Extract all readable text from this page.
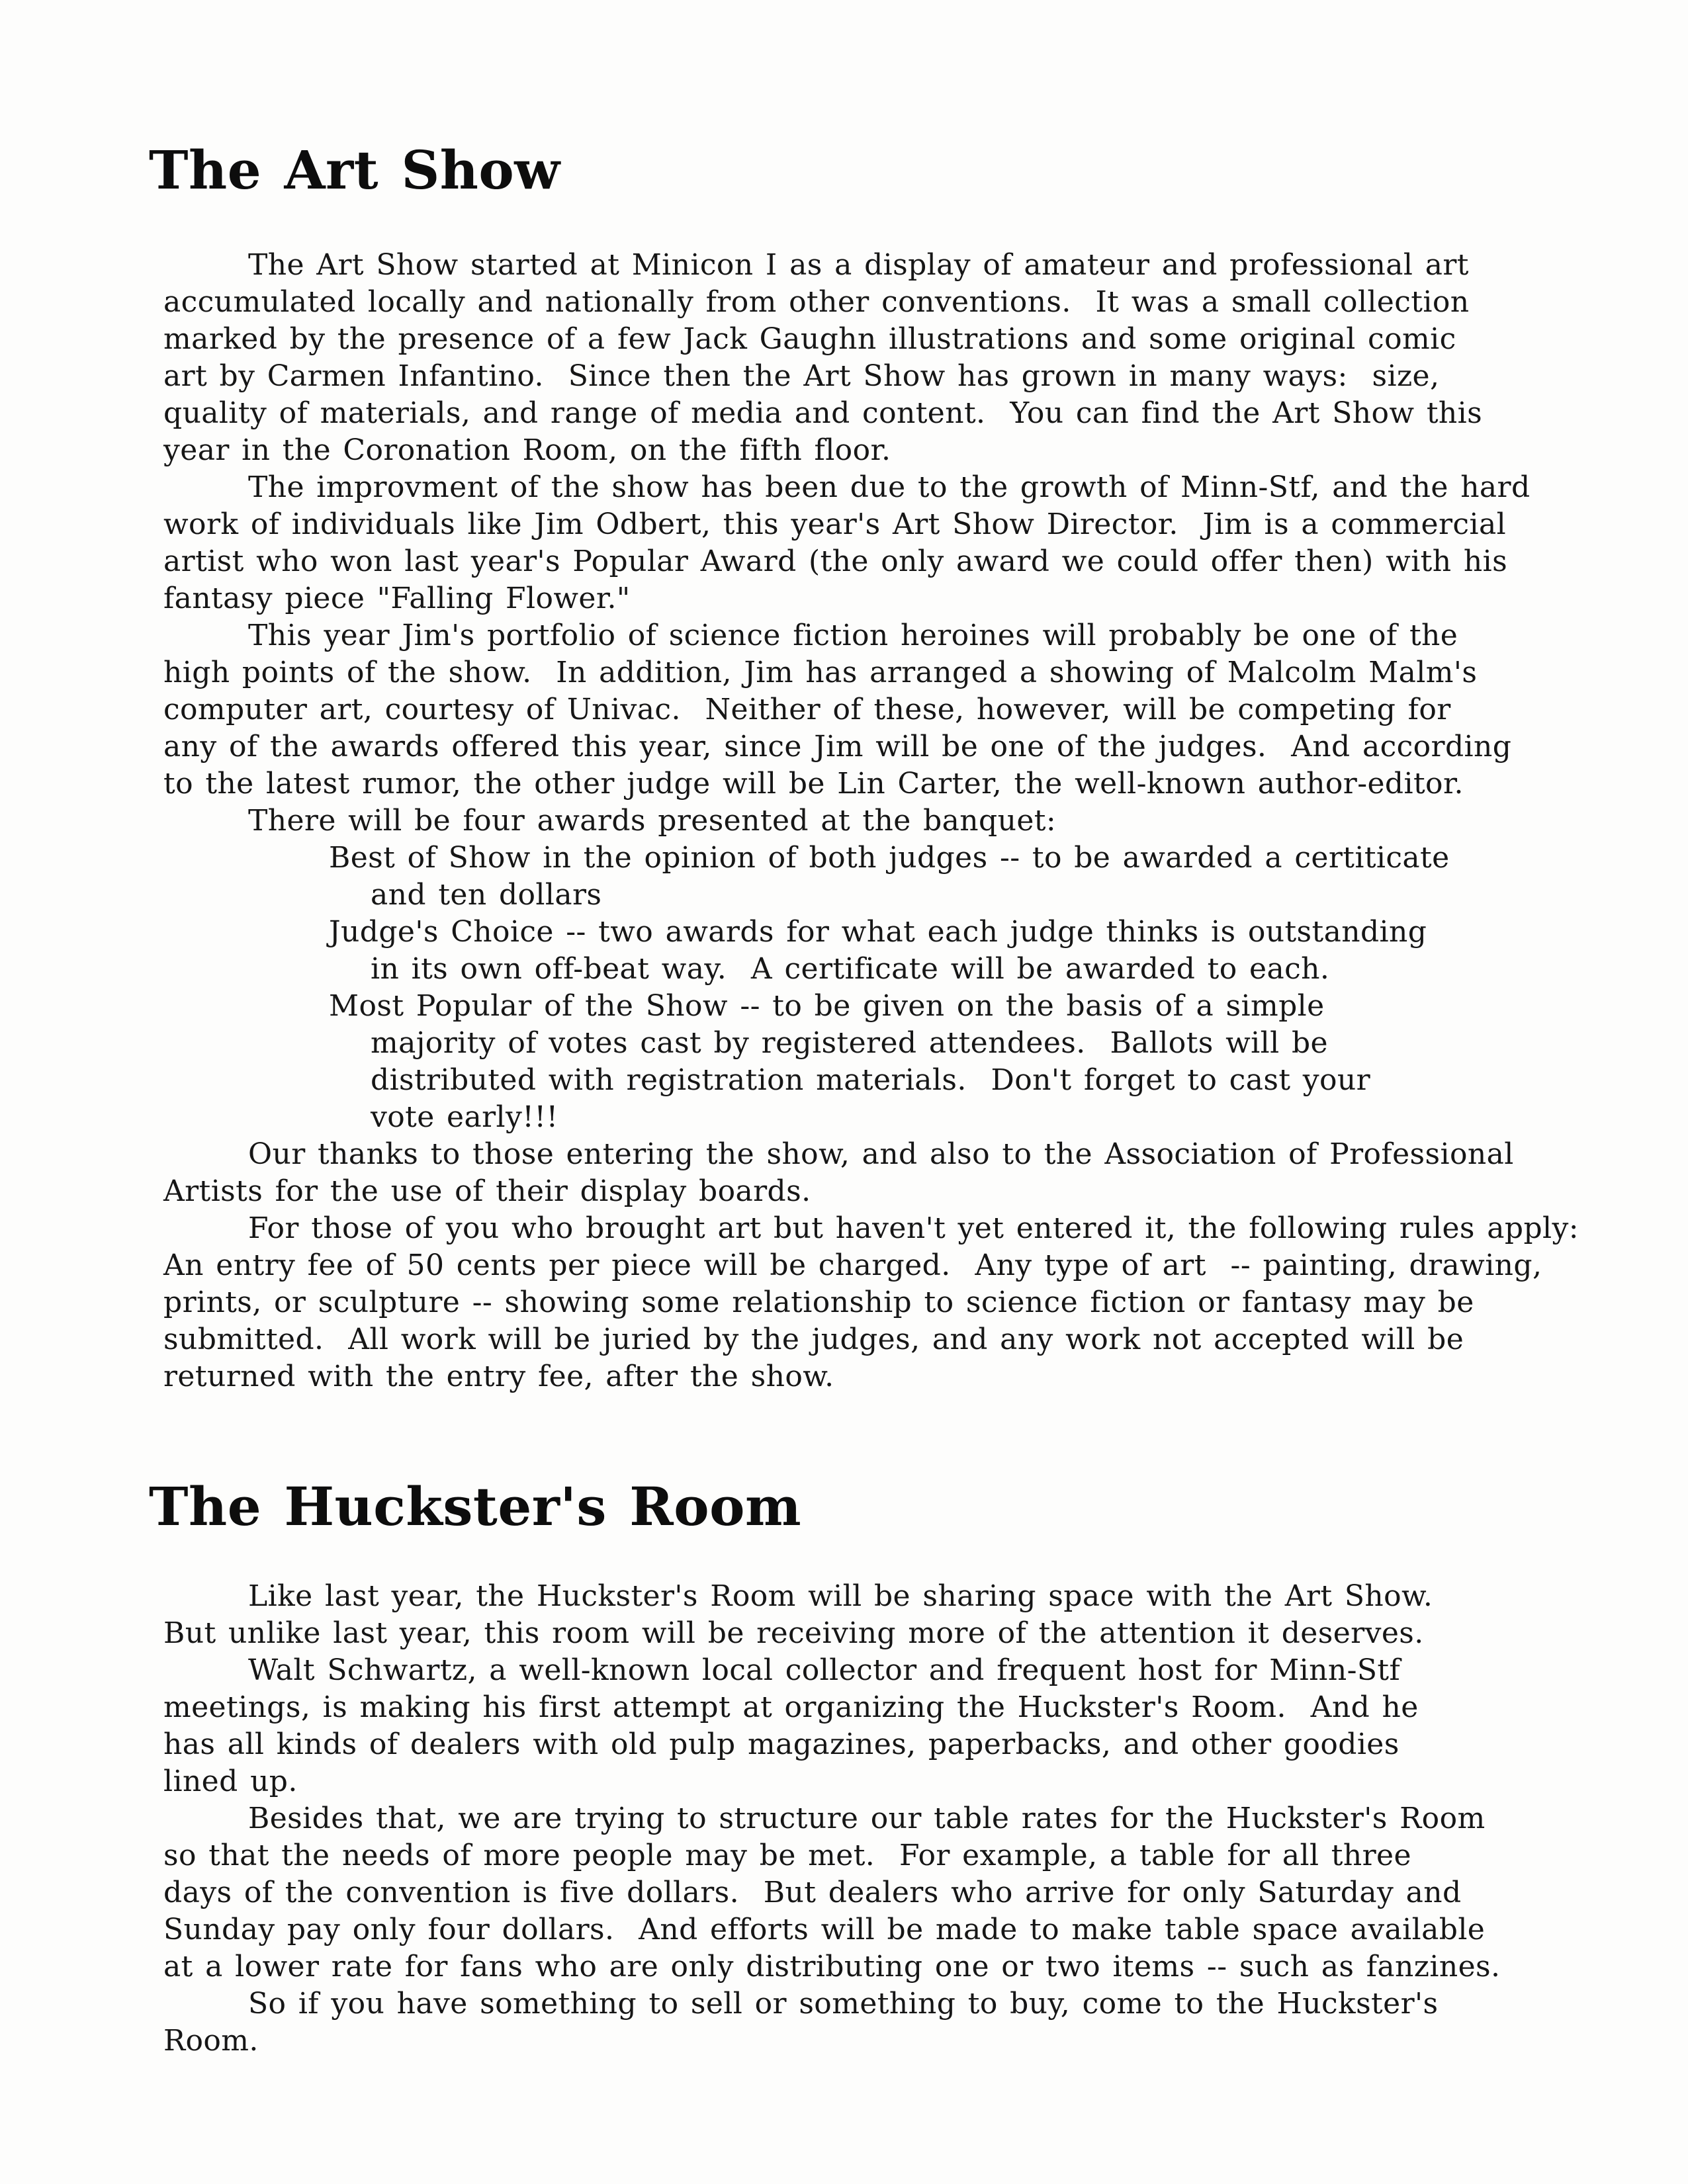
The Art Show
The Art Show started at Minicon I as a display of amateur and professional art
accumulated locally and nationally from other conventions.  It was a small collection
marked by the presence of a few Jack Gaughn illustrations and some original comic
art by Carmen Infantino.  Since then the Art Show has grown in many ways:  size,
quality of materials, and range of media and content.  You can find the Art Show this
year in the Coronation Room, on the fifth floor.
The improvment of the show has been due to the growth of Minn-Stf, and the hard
work of individuals like Jim Odbert, this year's Art Show Director.  Jim is a commercial
artist who won last year's Popular Award (the only award we could offer then) with his
fantasy piece "Falling Flower."
This year Jim's portfolio of science fiction heroines will probably be one of the
high points of the show.  In addition, Jim has arranged a showing of Malcolm Malm's
computer art, courtesy of Univac.  Neither of these, however, will be competing for
any of the awards offered this year, since Jim will be one of the judges.  And according
to the latest rumor, the other judge will be Lin Carter, the well-known author-editor.
There will be four awards presented at the banquet:
Best of Show in the opinion of both judges -- to be awarded a certiticate
and ten dollars
Judge's Choice -- two awards for what each judge thinks is outstanding
in its own off-beat way.  A certificate will be awarded to each.
Most Popular of the Show -- to be given on the basis of a simple
majority of votes cast by registered attendees.  Ballots will be
distributed with registration materials.  Don't forget to cast your
vote early!!!
Our thanks to those entering the show, and also to the Association of Professional
Artists for the use of their display boards.
For those of you who brought art but haven't yet entered it, the following rules apply:
An entry fee of 50 cents per piece will be charged.  Any type of art  -- painting, drawing,
prints, or sculpture -- showing some relationship to science fiction or fantasy may be
submitted.  All work will be juried by the judges, and any work not accepted will be
returned with the entry fee, after the show.
The Huckster's Room
Like last year, the Huckster's Room will be sharing space with the Art Show.
But unlike last year, this room will be receiving more of the attention it deserves.
Walt Schwartz, a well-known local collector and frequent host for Minn-Stf
meetings, is making his first attempt at organizing the Huckster's Room.  And he
has all kinds of dealers with old pulp magazines, paperbacks, and other goodies
lined up.
Besides that, we are trying to structure our table rates for the Huckster's Room
so that the needs of more people may be met.  For example, a table for all three
days of the convention is five dollars.  But dealers who arrive for only Saturday and
Sunday pay only four dollars.  And efforts will be made to make table space available
at a lower rate for fans who are only distributing one or two items -- such as fanzines.
So if you have something to sell or something to buy, come to the Huckster's
Room.
